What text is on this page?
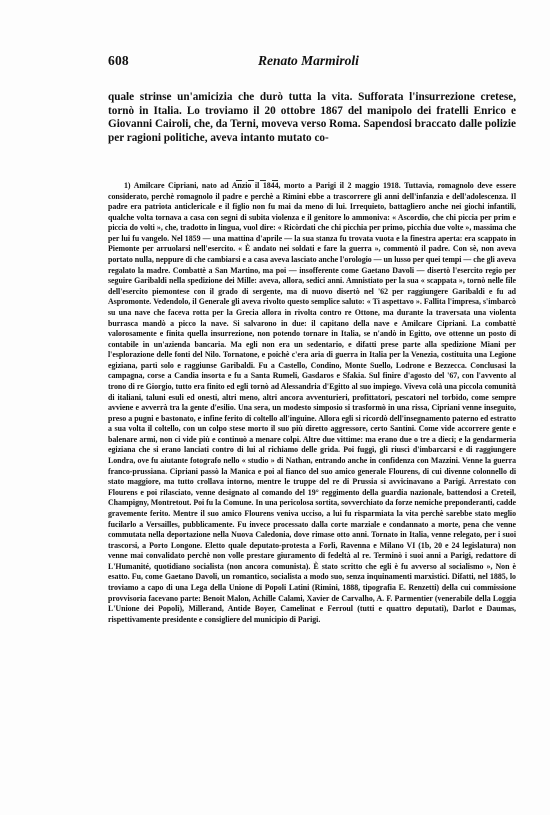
608	Renato Marmiroli
quale strinse un'amicizia che durò tutta la vita. Sufforata l'insurrezione cretese, tornò in Italia. Lo troviamo il 20 ottobre 1867 del manipolo dei fratelli Enrico e Giovanni Cairoli, che, da Terni, moveva verso Roma. Sapendosi braccato dalle polizie per ragioni politiche, aveva intanto mutato co-

1) Amilcare Cipriani, nato ad Anzio il 1844, morto a Parigi il 2 maggio 1918. Tuttavia, romagnolo deve essere considerato, perchè romagnolo il padre e perchè a Rimini ebbe a trascorrere gli anni dell'infanzia e dell'adolescenza. Il padre era patriota anticlericale e il figlio non fu mai da meno di lui. Irrequieto, battagliero anche nei giochi infantili, qualche volta tornava a casa con segni di subita violenza e il genitore lo ammoniva: « Ascordio, che chi piccia per prim e piccia do volti », che, tradotto in lingua, vuol dire: « Ricòrdati che chi picchia per primo, picchia due volte », massima che per lui fu vangelo. Nel 1859 — una mattina d'aprile — la sua stanza fu trovata vuota e la finestra aperta: era scappato in Piemonte per arruolarsi nell'esercito. « È andato nei soldati e fare la guerra », commentò il padre. Con sè, non aveva portato nulla, neppure di che cambiarsi e a casa aveva lasciato anche l'orologio — un lusso per quei tempi — che gli aveva regalato la madre. Combattè a San Martino, ma poi — insofferente come Gaetano Davoli — disertò l'esercito regio per seguire Garibaldi nella spedizione dei Mille: aveva, allora, sedici anni. Amnistiato per la sua « scappata », tornò nelle file dell'esercito piemontese con il grado di sergente, ma di nuovo disertò nel '62 per raggiungere Garibaldi e fu ad Aspromonte. Vedendolo, il Generale gli aveva rivolto questo semplice saluto: « Ti aspettavo ». Fallita l'impresa, s'imbarcò su una nave che faceva rotta per la Grecia allora in rivolta contro re Ottone, ma durante la traversata una violenta burrasca mandò a picco la nave. Si salvarono in due: il capitano della nave e Amilcare Cipriani. La combattè valorosamente e finita quella insurrezione, non potendo tornare in Italia, se n'andò in Egitto, ove ottenne un posto di contabile in un'azienda bancaria. Ma egli non era un sedentario, e difatti prese parte alla spedizione Miani per l'esplorazione delle fonti del Nilo. Tornatone, e poichè c'era aria di guerra in Italia per la Venezia, costituita una Legione egiziana, partì solo e raggiunse Garibaldi. Fu a Castello, Condino, Monte Suello, Lodrone e Bezzecca. Conclusasi la campagna, corse a Candia insorta e fu a Santa Rumeli, Gasdaros e Sfakia. Sul finire d'agosto del '67, con l'avvento al trono di re Giorgio, tutto era finito ed egli tornò ad Alessandria d'Egitto al suo impiego. Viveva colà una piccola comunità di italiani, taluni esuli ed onesti, altri meno, altri ancora avventurieri, profittatori, pescatori nel torbido, come sempre avviene e avverrà tra la gente d'esilio. Una sera, un modesto simposio si trasformò in una rissa, Cipriani venne inseguito, preso a pugni e bastonato, e infine ferito di coltello all'inguine. Allora egli si ricordò dell'insegnamento paterno ed estratto a sua volta il coltello, con un colpo stese morto il suo più diretto aggressore, certo Santini. Come vide accorrere gente e balenare armi, non ci vide più e continuò a menare colpi. Altre due vittime: ma erano due o tre a dieci; e la gendarmeria egiziana che si erano lanciati contro di lui al richiamo delle grida. Poi fuggì, gli riuscì d'imbarcarsi e di raggiungere Londra, ove fu aiutante fotografo nello « studio » di Nathan, entrando anche in confidenza con Mazzini. Venne la guerra franco-prussiana. Cipriani passò la Manica e poi al fianco del suo amico generale Flourens, di cui divenne colonnello di stato maggiore, ma tutto crollava intorno, mentre le truppe del re di Prussia si avvicinavano a Parigi. Arrestato con Flourens e poi rilasciato, venne designato al comando del 19° reggimento della guardia nazionale, battendosi a Creteil, Champigny, Montretout. Poi fu la Comune. In una pericolosa sortita, sovverchiato da forze nemiche preponderanti, cadde gravemente ferito. Mentre il suo amico Flourens veniva ucciso, a lui fu risparmiata la vita perchè sarebbe stato meglio fucilarlo a Versailles, pubblicamente. Fu invece processato dalla corte marziale e condannato a morte, pena che venne commutata nella deportazione nella Nuova Caledonia, dove rimase otto anni. Tornato in Italia, venne relegato, per i suoi trascorsi, a Porto Longone. Eletto quale deputato-protesta a Forlì, Ravenna e Milano VI (1b, 20 e 24 legislatura) non venne mai convalidato perchè non volle prestare giuramento di fedeltà al re. Terminò i suoi anni a Parigi, redattore di L'Humanité, quotidiano socialista (non ancora comunista). È stato scritto che egli è fu avverso al socialismo », Non è esatto. Fu, come Gaetano Davoli, un romantico, socialista a modo suo, senza inquinamenti marxistici. Difatti, nel 1885, lo troviamo a capo di una Lega della Unione di Popoli Latini (Rimini, 1888, tipografia E. Renzetti) della cui commissione provvisoria facevano parte: Benoit Malon, Achille Calami, Xavier de Carvalho, A. F. Parmentier (venerabile della Loggia L'Unione dei Popoli), Millerand, Antide Boyer, Camelinat e Ferroul (tutti e quattro deputati), Darlot e Daumas, rispettivamente presidente e consigliere del municipio di Parigi.
